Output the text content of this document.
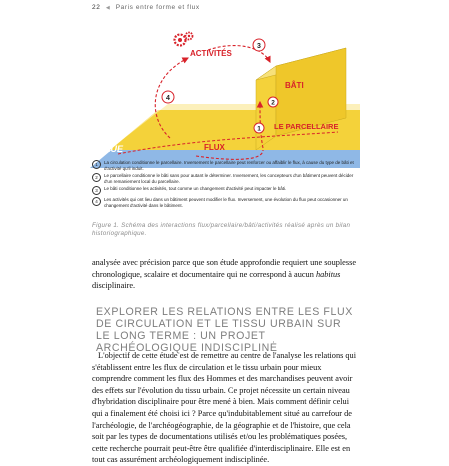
22 ◀ Paris entre forme et flux
ACTIVITÉS
BÂTI
LE PARCELLAIRE
FLUX
RUE
1
2
3
4
1	La circulation conditionne le parcellaire. Inversement le parcellaire peut renforcer ou affaiblir le flux, à cause du type de bâti et d'activité qu'il induit.
2	Le parcellaire conditionne le bâti sans pour autant le déterminer. Inversement, les concepteurs d'un bâtiment peuvent décider d'un remaniement local du parcellaire.
3	Le bâti conditionne les activités, tout comme un changement d'activité peut impacter le bâti.
4	Les activités qui ont lieu dans un bâtiment peuvent modifier le flux. Inversement, une évolution du flux peut occasionner un changement d'activité dans le bâtiment.
Figure 1. Schéma des interactions flux/parcellaire/bâti/activités réalisé après un bilan historiographique.

analysée avec précision parce que son étude approfondie requiert une souplesse chronologique, scalaire et documentaire qui ne correspond à aucun habitus disciplinaire.

EXPLORER LES RELATIONS ENTRE LES FLUX DE CIRCULATION ET LE TISSU URBAIN SUR LE LONG TERME : UN PROJET ARCHÉOLOGIQUE INDISCIPLINĖ

L'objectif de cette étude est de remettre au centre de l'analyse les relations qui s'établissent entre les flux de circulation et le tissu urbain pour mieux comprendre comment les flux des Hommes et des marchandises peuvent avoir des effets sur l'évolution du tissu urbain. Ce projet nécessite un certain niveau d'hybridation disciplinaire pour être mené à bien. Mais comment définir celui qui a finalement été choisi ici ? Parce qu'indubitablement situé au carrefour de l'archéologie, de l'archéogéographie, de la géographie et de l'histoire, que cela soit par les types de documentations utilisés et/ou les problématiques posées, cette recherche pourrait peut-être être qualifiée d'interdisciplinaire. Elle est en tout cas assurément archéologiquement indisciplinée.
